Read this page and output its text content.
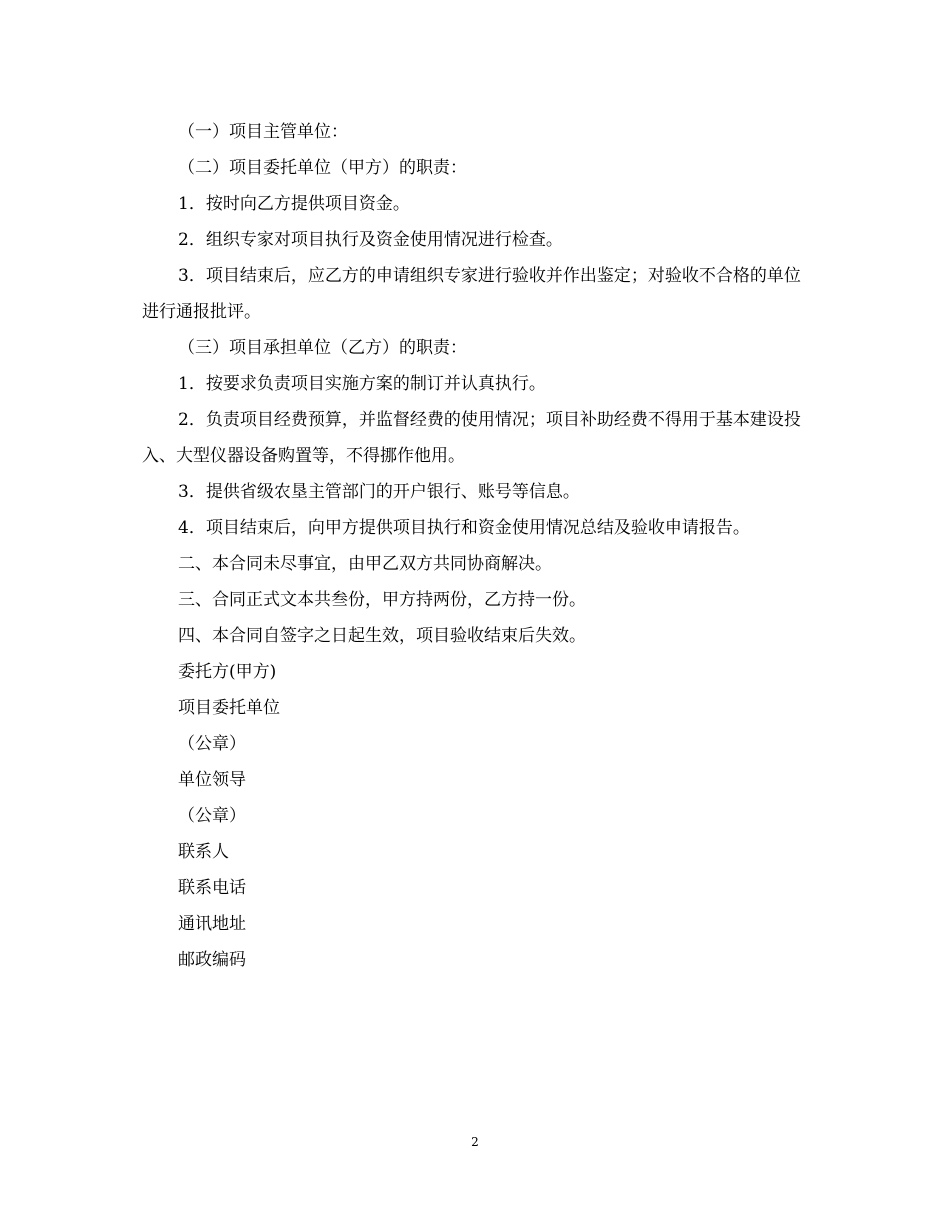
（一）项目主管单位：

（二）项目委托单位（甲方）的职责：

1．按时向乙方提供项目资金。

2．组织专家对项目执行及资金使用情况进行检查。

3．项目结束后，应乙方的申请组织专家进行验收并作出鉴定；对验收不合格的单位进行通报批评。

（三）项目承担单位（乙方）的职责：

1．按要求负责项目实施方案的制订并认真执行。

2．负责项目经费预算，并监督经费的使用情况；项目补助经费不得用于基本建设投入、大型仪器设备购置等，不得挪作他用。

3．提供省级农垦主管部门的开户银行、账号等信息。

4．项目结束后，向甲方提供项目执行和资金使用情况总结及验收申请报告。

二、本合同未尽事宜，由甲乙双方共同协商解决。

三、合同正式文本共叁份，甲方持两份，乙方持一份。

四、本合同自签字之日起生效，项目验收结束后失效。

委托方(甲方)

项目委托单位

（公章）

单位领导

（公章）

联系人

联系电话

通讯地址

邮政编码

2
